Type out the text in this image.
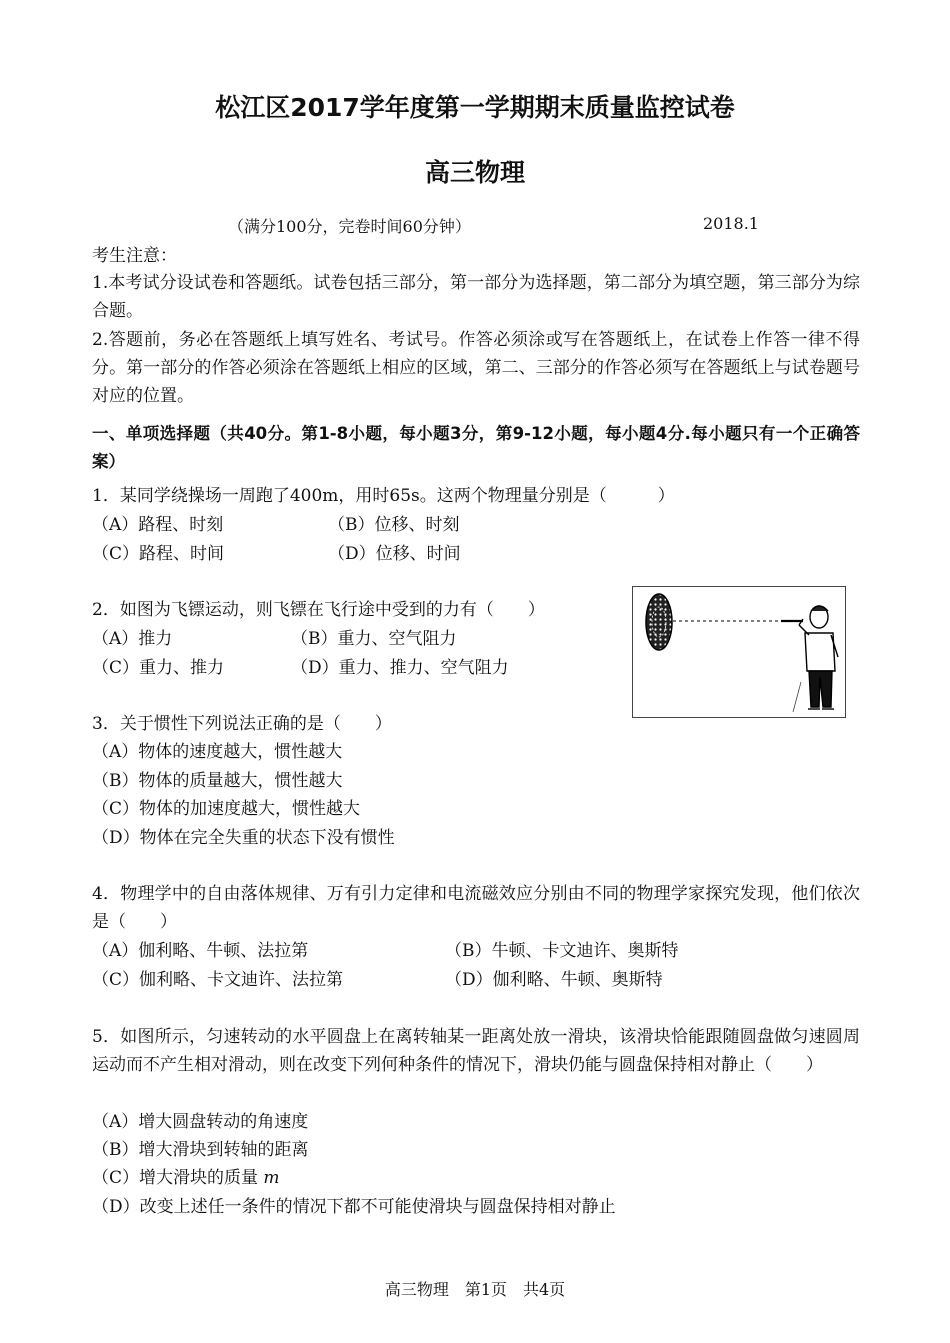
松江区2017学年度第一学期期末质量监控试卷
高三物理
（满分100分，完卷时间60分钟）	2018.1
考生注意：
1.本考试分设试卷和答题纸。试卷包括三部分，第一部分为选择题，第二部分为填空题，第三部分为综合题。
2.答题前，务必在答题纸上填写姓名、考试号。作答必须涂或写在答题纸上，在试卷上作答一律不得分。第一部分的作答必须涂在答题纸上相应的区域，第二、三部分的作答必须写在答题纸上与试卷题号对应的位置。
一、单项选择题（共40分。第1-8小题，每小题3分，第9-12小题，每小题4分.每小题只有一个正确答案）
1．某同学绕操场一周跑了400m，用时65s。这两个物理量分别是（　　　）
（A）路程、时刻	（B）位移、时刻
（C）路程、时间	（D）位移、时间
2．如图为飞镖运动，则飞镖在飞行途中受到的力有（　　）
（A）推力	（B）重力、空气阻力
（C）重力、推力	（D）重力、推力、空气阻力
3．关于惯性下列说法正确的是（　　）
（A）物体的速度越大，惯性越大
（B）物体的质量越大，惯性越大
（C）物体的加速度越大，惯性越大
（D）物体在完全失重的状态下没有惯性
4．物理学中的自由落体规律、万有引力定律和电流磁效应分别由不同的物理学家探究发现，他们依次是（　　）
（A）伽利略、牛顿、法拉第	（B）牛顿、卡文迪许、奥斯特
（C）伽利略、卡文迪许、法拉第	（D）伽利略、牛顿、奥斯特
5．如图所示，匀速转动的水平圆盘上在离转轴某一距离处放一滑块，该滑块恰能跟随圆盘做匀速圆周运动而不产生相对滑动，则在改变下列何种条件的情况下，滑块仍能与圆盘保持相对静止（　　）
（A）增大圆盘转动的角速度
（B）增大滑块到转轴的距离
（C）增大滑块的质量 m
（D）改变上述任一条件的情况下都不可能使滑块与圆盘保持相对静止
高三物理　第1页　共4页
